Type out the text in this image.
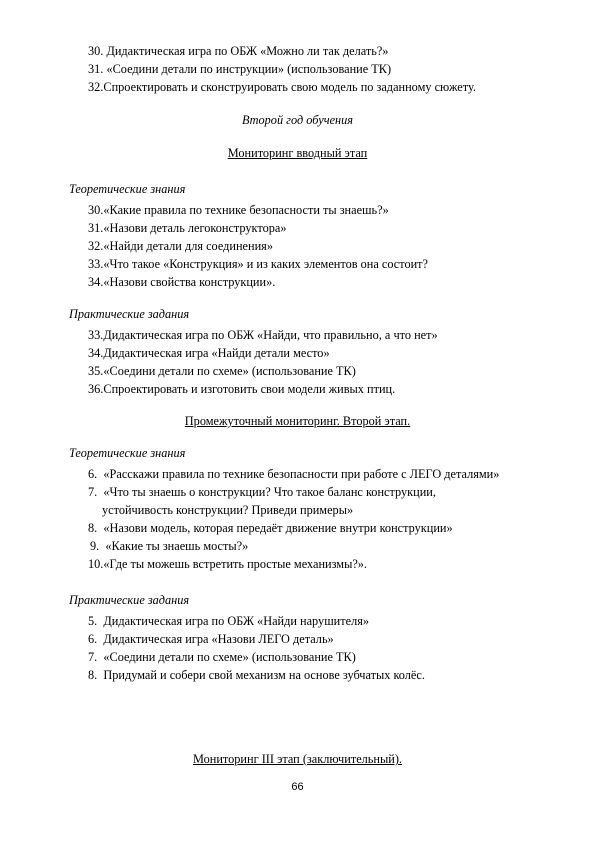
30. Дидактическая игра по ОБЖ «Можно ли так делать?»
31. «Соедини детали по инструкции» (использование ТК)
32. Спроектировать и сконструировать свою модель по заданному сюжету.
Второй год обучения
Мониторинг вводный этап
Теоретические знания
30. «Какие правила по технике безопасности ты знаешь?»
31. «Назови деталь легоконструктора»
32. «Найди детали для соединения»
33. «Что такое «Конструкция» и из каких элементов она состоит?
34. «Назови свойства конструкции».
Практические задания
33. Дидактическая игра по ОБЖ «Найди, что правильно, а что нет»
34. Дидактическая игра «Найди детали место»
35. «Соедини детали по схеме» (использование ТК)
36. Спроектировать и изготовить свои модели живых птиц.
Промежуточный мониторинг. Второй этап.
Теоретические знания
6. «Расскажи правила по технике безопасности при работе с ЛЕГО деталями»
7. «Что ты знаешь о конструкции? Что такое баланс конструкции,
устойчивость конструкции? Приведи примеры»
8. «Назови модель, которая передаёт движение внутри конструкции»
9. «Какие ты знаешь мосты?»
10. «Где ты можешь встретить простые механизмы?».
Практические задания
5. Дидактическая игра по ОБЖ «Найди нарушителя»
6. Дидактическая игра «Назови ЛЕГО деталь»
7. «Соедини детали по схеме» (использование ТК)
8. Придумай и собери свой механизм на основе зубчатых колёс.
Мониторинг III этап (заключительный).
66
